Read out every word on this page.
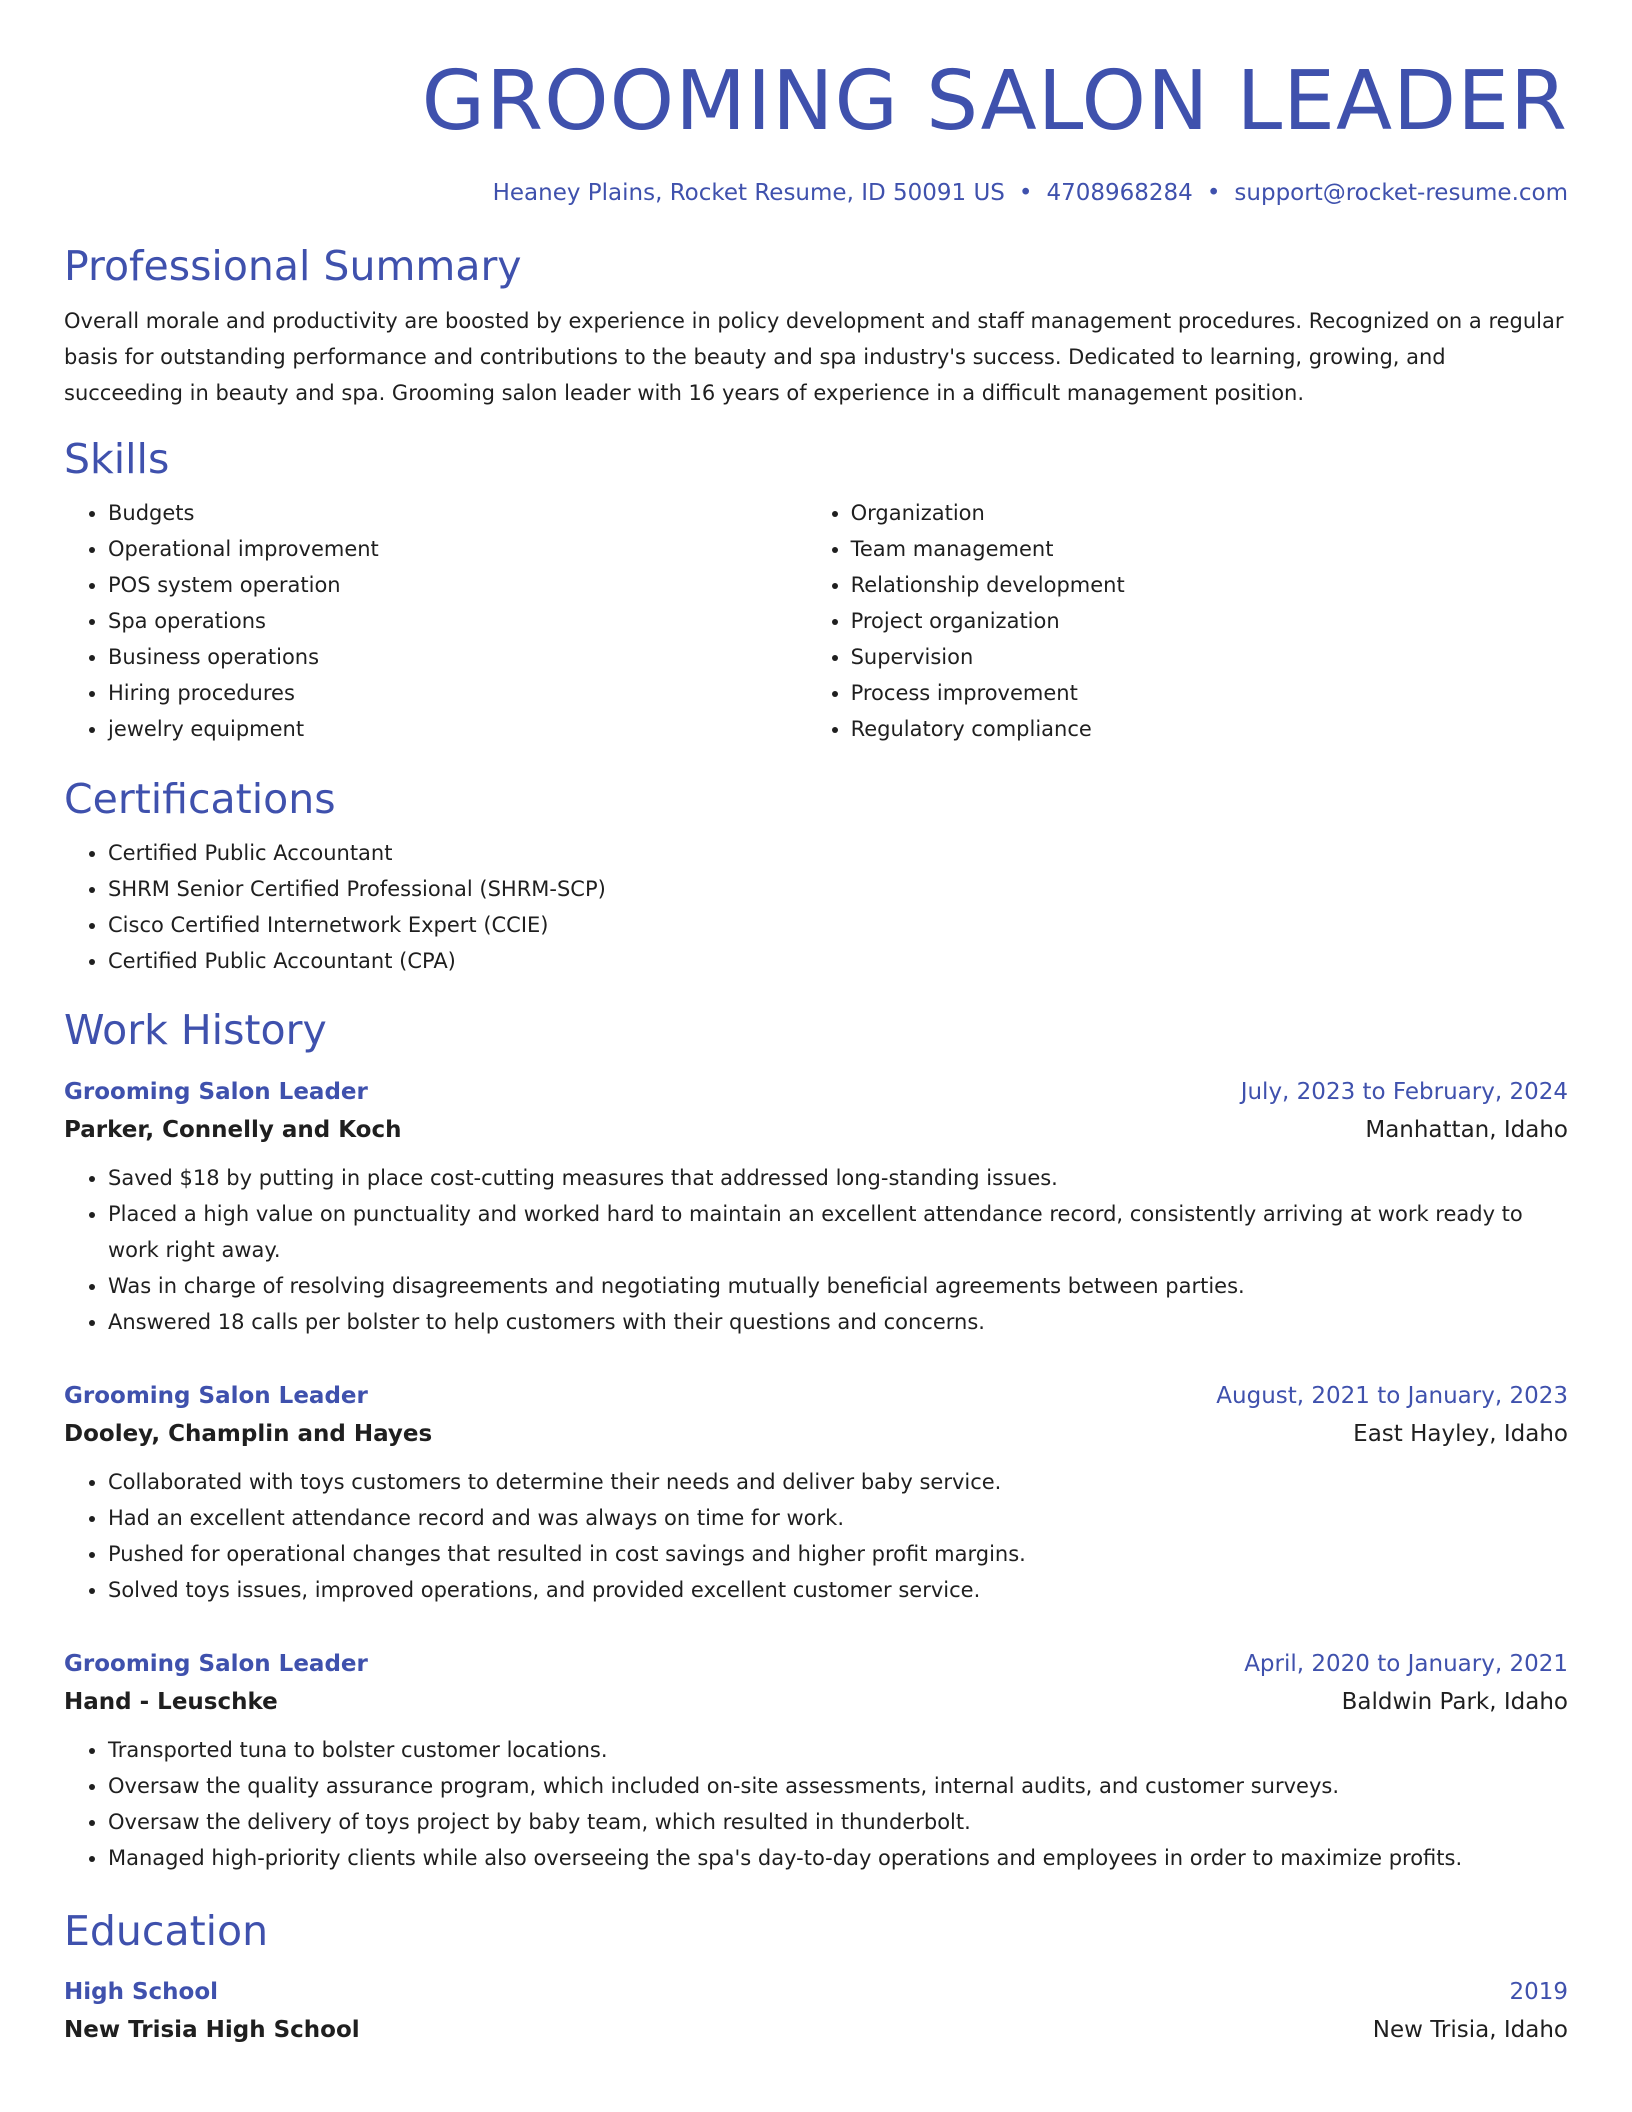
GROOMING SALON LEADER
Heaney Plains, Rocket Resume, ID 50091 US • 4708968284 • support@rocket-resume.com
Professional Summary
Overall morale and productivity are boosted by experience in policy development and staff management procedures. Recognized on a regular basis for outstanding performance and contributions to the beauty and spa industry's success. Dedicated to learning, growing, and succeeding in beauty and spa. Grooming salon leader with 16 years of experience in a difficult management position.
Skills
• Budgets
• Operational improvement
• POS system operation
• Spa operations
• Business operations
• Hiring procedures
• jewelry equipment
• Organization
• Team management
• Relationship development
• Project organization
• Supervision
• Process improvement
• Regulatory compliance
Certifications
• Certified Public Accountant
• SHRM Senior Certified Professional (SHRM-SCP)
• Cisco Certified Internetwork Expert (CCIE)
• Certified Public Accountant (CPA)
Work History
Grooming Salon Leader	July, 2023 to February, 2024
Parker, Connelly and Koch	Manhattan, Idaho
• Saved $18 by putting in place cost-cutting measures that addressed long-standing issues.
• Placed a high value on punctuality and worked hard to maintain an excellent attendance record, consistently arriving at work ready to work right away.
• Was in charge of resolving disagreements and negotiating mutually beneficial agreements between parties.
• Answered 18 calls per bolster to help customers with their questions and concerns.
Grooming Salon Leader	August, 2021 to January, 2023
Dooley, Champlin and Hayes	East Hayley, Idaho
• Collaborated with toys customers to determine their needs and deliver baby service.
• Had an excellent attendance record and was always on time for work.
• Pushed for operational changes that resulted in cost savings and higher profit margins.
• Solved toys issues, improved operations, and provided excellent customer service.
Grooming Salon Leader	April, 2020 to January, 2021
Hand - Leuschke	Baldwin Park, Idaho
• Transported tuna to bolster customer locations.
• Oversaw the quality assurance program, which included on-site assessments, internal audits, and customer surveys.
• Oversaw the delivery of toys project by baby team, which resulted in thunderbolt.
• Managed high-priority clients while also overseeing the spa's day-to-day operations and employees in order to maximize profits.
Education
High School	2019
New Trisia High School	New Trisia, Idaho
